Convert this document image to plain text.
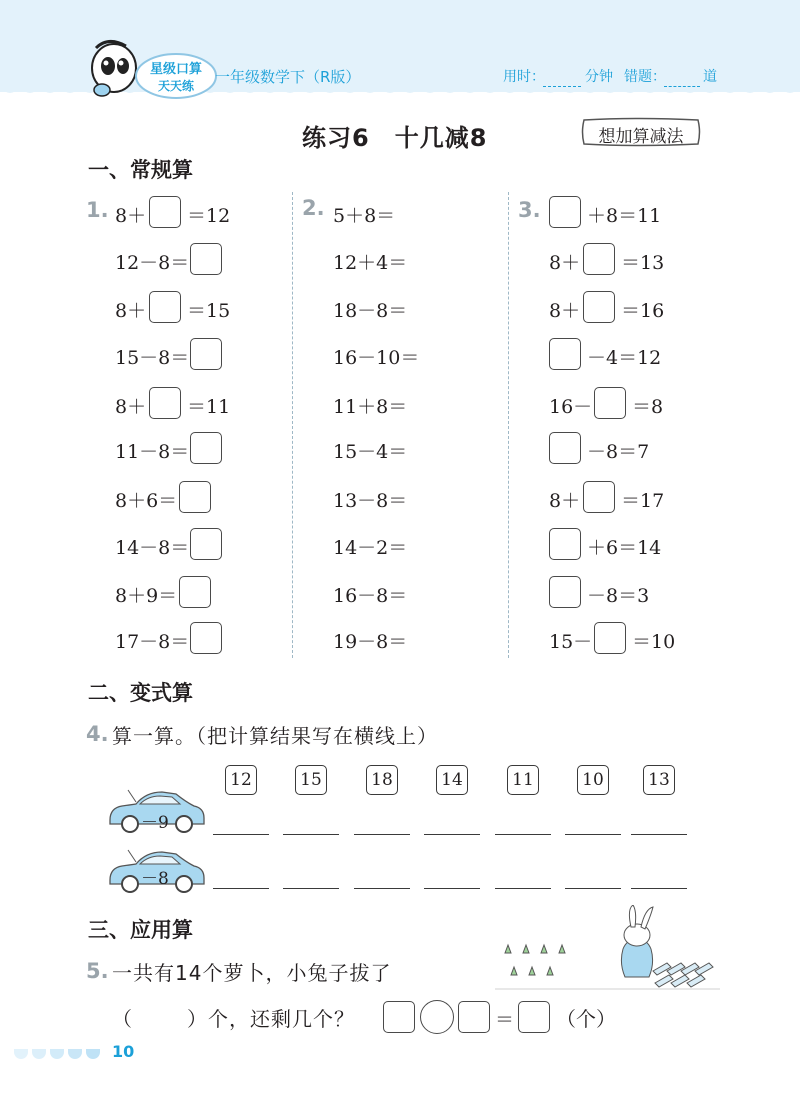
星级口算
天天练 一年级数学下（R版）	用时：	分钟 错题：	道
练习6　十几减8	想加算减法
一、常规算
1.	2.	3.
8＋ ＝12
12－8＝
8＋ ＝15
15－8＝
8＋ ＝11
11－8＝
8＋6＝
14－8＝
8＋9＝
17－8＝
5＋8＝
12＋4＝
18－8＝
16－10＝
11＋8＝
15－4＝
13－8＝
14－2＝
16－8＝
19－8＝
＋8＝11
8＋ ＝13
8＋ ＝16
－4＝12
16－ ＝8
－8＝7
8＋ ＝17
＋6＝14
－8＝3
15－ ＝10
二、变式算
4. 算一算。（把计算结果写在横线上）
12	15	18	14	11	10	13
－9
－8
三、应用算
5. 一共有14个萝卜，小兔子拔了
（	）个，还剩几个？	＝ （个）
10
